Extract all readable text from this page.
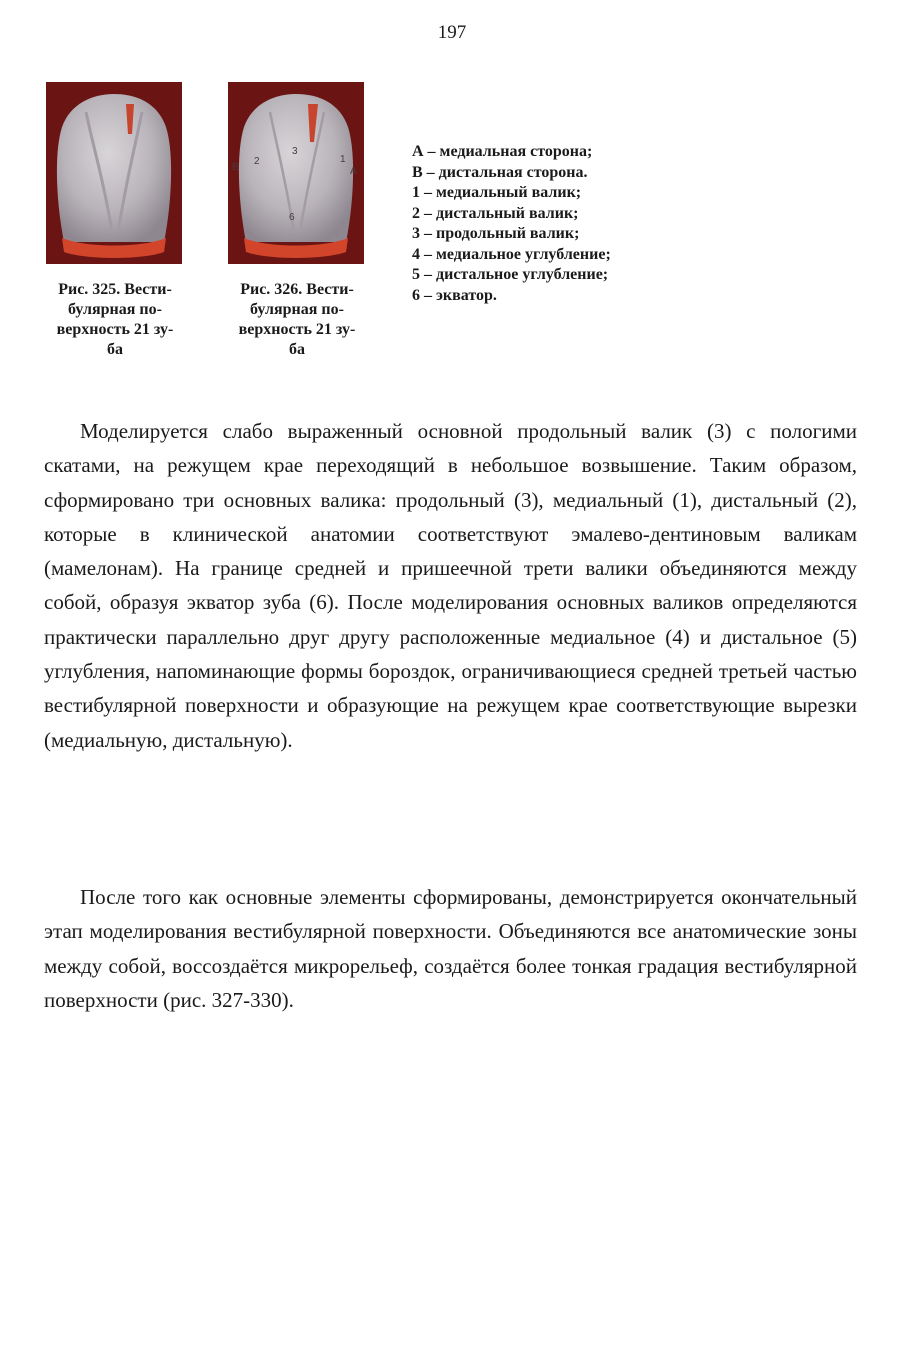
197
B
2
3
1
A
6
Рис. 325. Вести-
булярная по-
верхность 21 зу-
ба
Рис. 326. Вести-
булярная по-
верхность 21 зу-
ба
А – медиальная сторона;
В – дистальная сторона.
1 – медиальный валик;
2 – дистальный валик;
3 – продольный валик;
4 – медиальное углубление;
5 – дистальное углубление;
6 – экватор.

Моделируется слабо выраженный основной продольный валик (3) с пологими скатами, на режущем крае переходящий в небольшое возвышение. Таким образом, сформировано три основных валика: продольный (3), медиальный (1), дистальный (2), которые в клинической анатомии соответствуют эмалево-дентиновым валикам (мамелонам). На границе средней и пришеечной трети валики объединяются между собой, образуя экватор зуба (6). После моделирования основных валиков определяются практически параллельно друг другу расположенные медиальное (4) и дистальное (5) углубления, напоминающие формы бороздок, ограничивающиеся средней третьей частью вестибулярной поверхности и образующие на режущем крае соответствующие вырезки (медиальную, дистальную).

После того как основные элементы сформированы, демонстрируется окончательный этап моделирования вестибулярной поверхности. Объединяются все анатомические зоны между собой, воссоздаётся микрорельеф, создаётся более тонкая градация вестибулярной поверхности (рис. 327-330).
